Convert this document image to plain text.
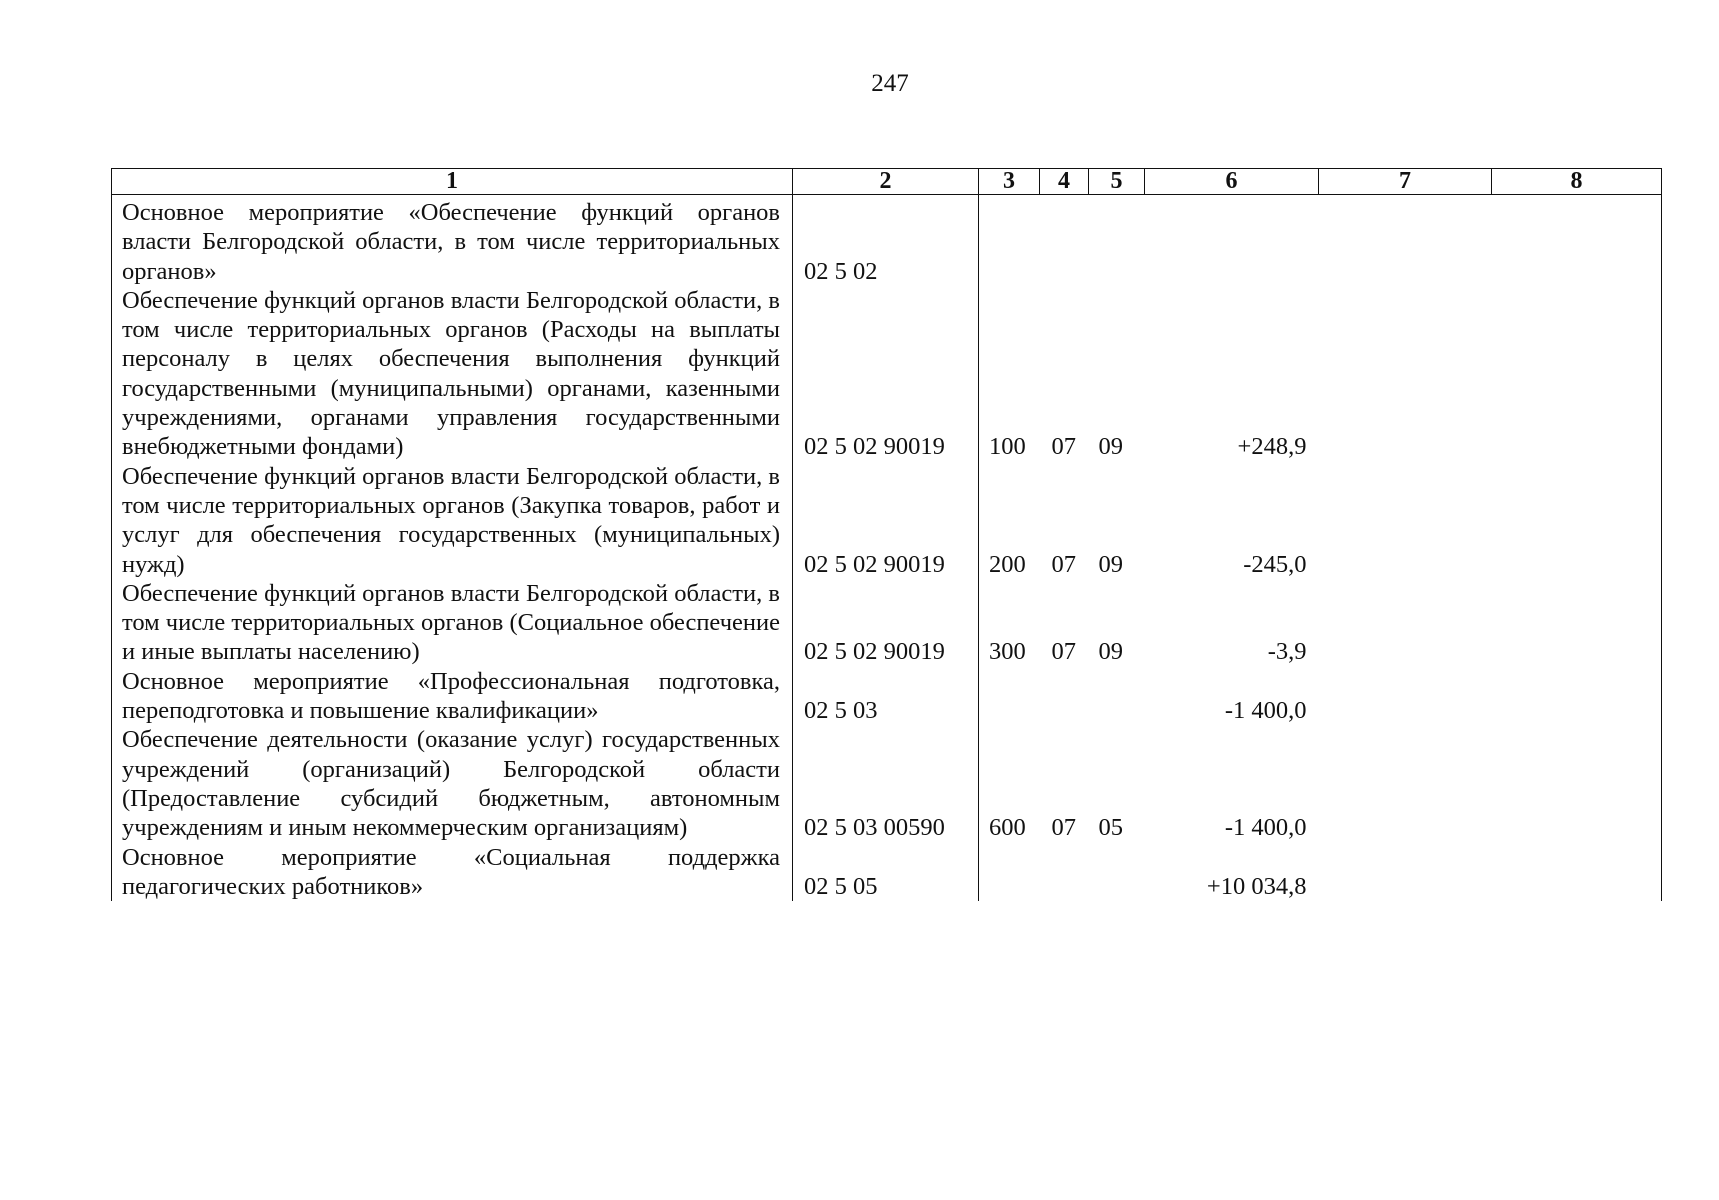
247
1	2	3	4	5	6	7	8
Основное мероприятие «Обеспечение функций органов власти Белгородской области, в том числе территориальных органов»	02 5 02						
Обеспечение функций органов власти Белгородской области, в том числе территориальных органов (Расходы на выплаты персоналу в целях обеспечения выполнения функций государственными (муниципальными) органами, казенными учреждениями, органами управления государственными внебюджетными фондами)	02 5 02 90019	100	07	09	+248,9		
Обеспечение функций органов власти Белгородской области, в том числе территориальных органов (Закупка товаров, работ и услуг для обеспечения государственных (муниципальных) нужд)	02 5 02 90019	200	07	09	-245,0		
Обеспечение функций органов власти Белгородской области, в том числе территориальных органов (Социальное обеспечение и иные выплаты населению)	02 5 02 90019	300	07	09	-3,9		
Основное мероприятие «Профессиональная подготовка, переподготовка и повышение квалификации»	02 5 03				-1 400,0		
Обеспечение деятельности (оказание услуг) государственных учреждений (организаций) Белгородской области (Предоставление субсидий бюджетным, автономным учреждениям и иным некоммерческим организациям)	02 5 03 00590	600	07	05	-1 400,0		
Основное мероприятие «Социальная поддержка педагогических работников»	02 5 05				+10 034,8		
